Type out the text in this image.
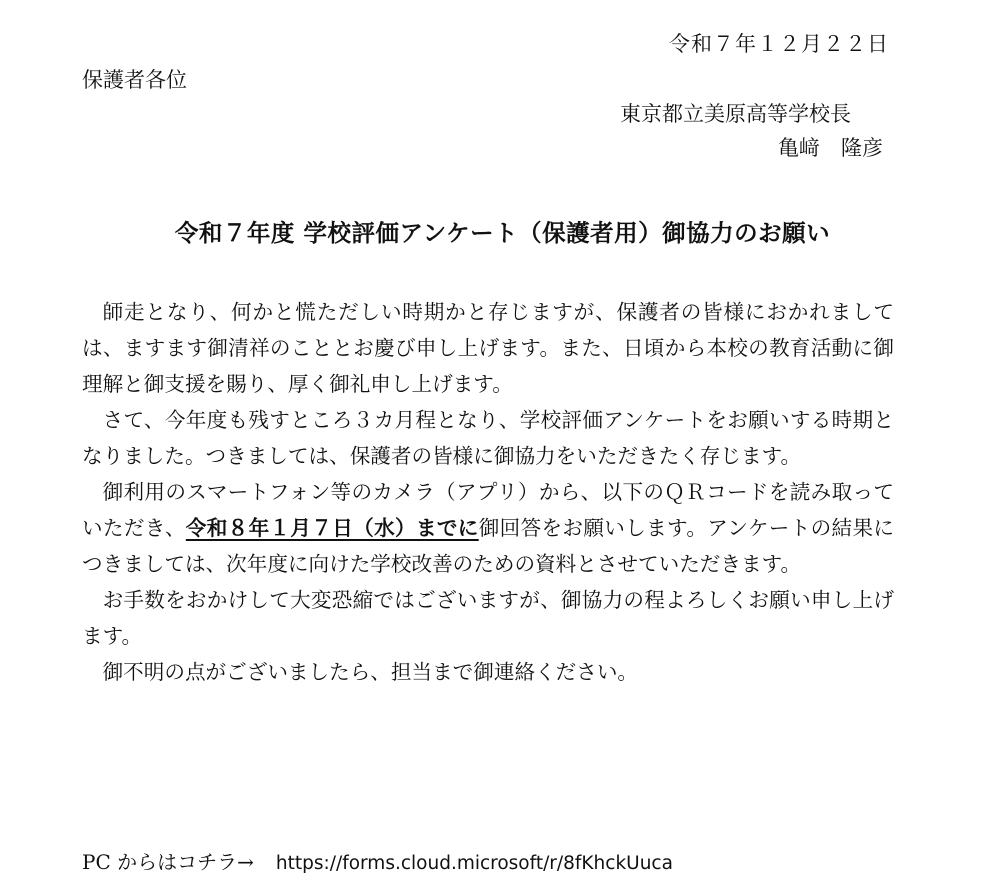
令和７年１２月２２日
保護者各位
東京都立美原高等学校長
亀﨑　隆彦
令和７年度 学校評価アンケート（保護者用）御協力のお願い

師走となり、何かと慌ただしい時期かと存じますが、保護者の皆様におかれましては、ますます御清祥のこととお慶び申し上げます。また、日頃から本校の教育活動に御理解と御支援を賜り、厚く御礼申し上げます。

さて、今年度も残すところ３カ月程となり、学校評価アンケートをお願いする時期となりました。つきましては、保護者の皆様に御協力をいただきたく存じます。

御利用のスマートフォン等のカメラ（アプリ）から、以下のＱＲコードを読み取っていただき、令和８年１月７日（水）までに御回答をお願いします。アンケートの結果につきましては、次年度に向けた学校改善のための資料とさせていただきます。

お手数をおかけして大変恐縮ではございますが、御協力の程よろしくお願い申し上げます。

御不明の点がございましたら、担当まで御連絡ください。

PC からはコチラ→ https://forms.cloud.microsoft/r/8fKhckUuca
